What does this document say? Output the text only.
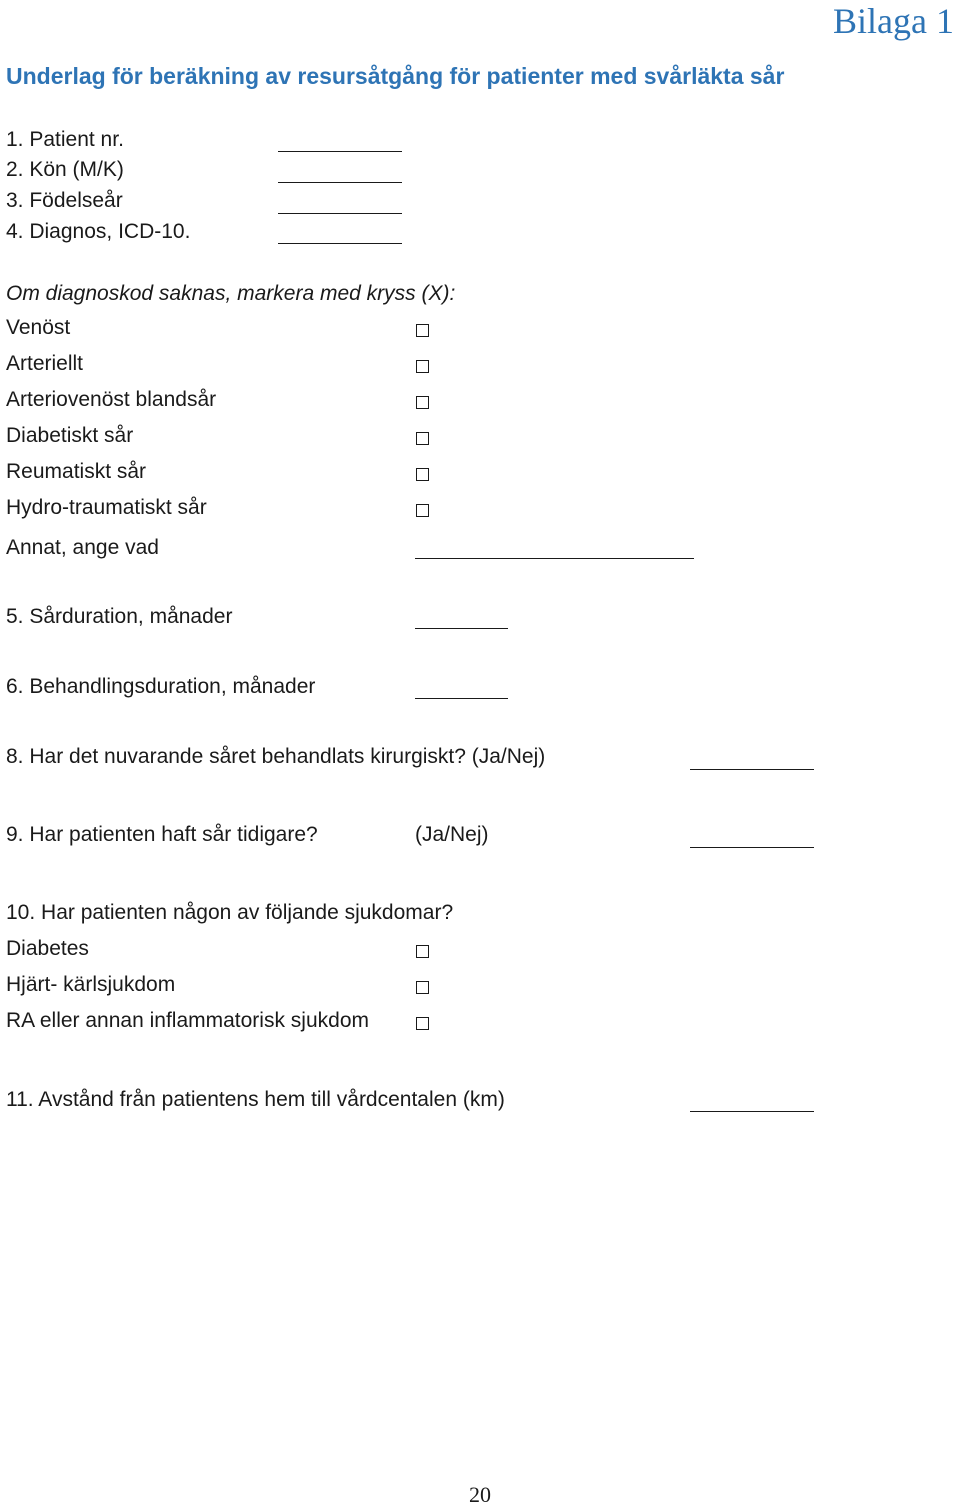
Bilaga 1
Underlag för beräkning av resursåtgång för patienter med svårläkta sår
1. Patient nr.
2. Kön (M/K)
3. Födelseår
4. Diagnos, ICD-10.
Om diagnoskod saknas, markera med kryss (X):
Venöst
Arteriellt
Arteriovenöst blandsår
Diabetiskt sår
Reumatiskt sår
Hydro-traumatiskt sår
Annat, ange vad
5. Sårduration, månader
6. Behandlingsduration, månader
8. Har det nuvarande såret behandlats kirurgiskt? (Ja/Nej)
9. Har patienten haft sår tidigare?	(Ja/Nej)
10. Har patienten någon av följande sjukdomar?
Diabetes
Hjärt- kärlsjukdom
RA eller annan inflammatorisk sjukdom
11. Avstånd från patientens hem till vårdcentalen (km)
20
